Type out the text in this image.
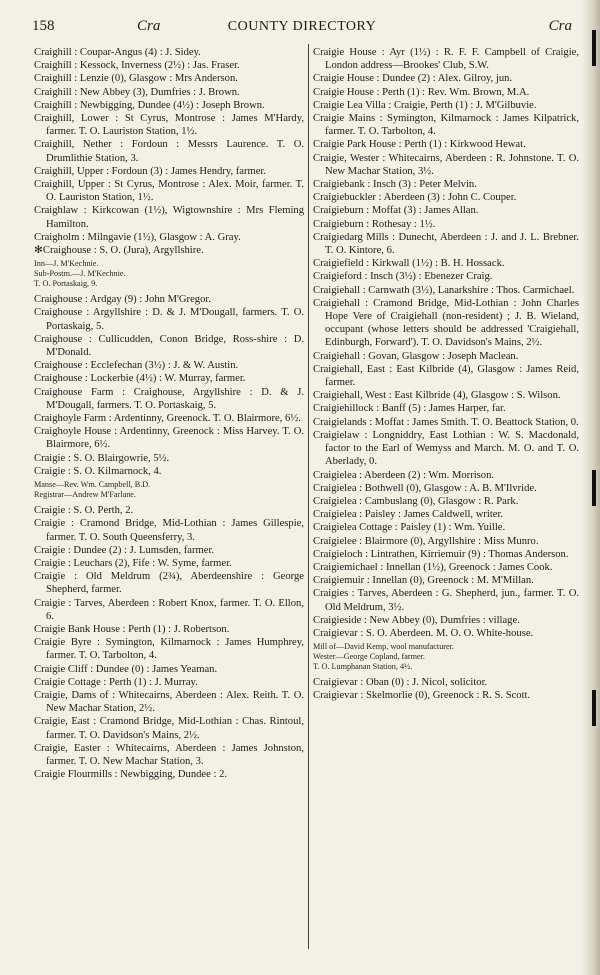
158	Cra	COUNTY DIRECTORY	Cra

Craighill : Coupar-Angus (4) : J. Sidey.

Craighill : Kessock, Inverness (2½) : Jas. Fraser.

Craighill : Lenzie (0), Glasgow : Mrs Anderson.

Craighill : New Abbey (3), Dumfries : J. Brown.

Craighill : Newbigging, Dundee (4½) : Joseph Brown.

Craighill, Lower : St Cyrus, Montrose : James M'Hardy, farmer. T. O. Lauriston Station, 1½.

Craighill, Nether : Fordoun : Messrs Laurence. T. O. Drumlithie Station, 3.

Craighill, Upper : Fordoun (3) : James Hendry, farmer.

Craighill, Upper : St Cyrus, Montrose : Alex. Moir, farmer. T. O. Lauriston Station, 1½.

Craighlaw : Kirkcowan (1½), Wigtownshire : Mrs Fleming Hamilton.

Craigholm : Milngavie (1½), Glasgow : A. Gray.

✻Craighouse : S. O. (Jura), Argyllshire.

Inn—J. M'Kechnie.
Sub-Postm.—J. M'Kechnie.
T. O. Portaskaig, 9.

Craighouse : Ardgay (9) : John M'Gregor.

Craighouse : Argyllshire : D. & J. M'Dougall, farmers. T. O. Portaskaig, 5.

Craighouse : Cullicudden, Conon Bridge, Ross-shire : D. M'Donald.

Craighouse : Ecclefechan (3½) : J. & W. Austin.

Craighouse : Lockerbie (4½) : W. Murray, farmer.

Craighouse Farm : Craighouse, Argyllshire : D. & J. M'Dougall, farmers. T. O. Portaskaig, 5.

Craighoyle Farm : Ardentinny, Greenock. T. O. Blairmore, 6½.

Craighoyle House : Ardentinny, Greenock : Miss Harvey. T. O. Blairmore, 6½.

Craigie : S. O. Blairgowrie, 5½.

Craigie : S. O. Kilmarnock, 4.

Manse—Rev. Wm. Campbell, B.D.
Registrar—Andrew M'Farlane.

Craigie : S. O. Perth, 2.

Craigie : Cramond Bridge, Mid-Lothian : James Gillespie, farmer. T. O. South Queensferry, 3.

Craigie : Dundee (2) : J. Lumsden, farmer.

Craigie : Leuchars (2), Fife : W. Syme, farmer.

Craigie : Old Meldrum (2¾), Aberdeenshire : George Shepherd, farmer.

Craigie : Tarves, Aberdeen : Robert Knox, farmer. T. O. Ellon, 6.

Craigie Bank House : Perth (1) : J. Robertson.

Craigie Byre : Symington, Kilmarnock : James Humphrey, farmer. T. O. Tarbolton, 4.

Craigie Cliff : Dundee (0) : James Yeaman.

Craigie Cottage : Perth (1) : J. Murray.

Craigie, Dams of : Whitecairns, Aberdeen : Alex. Reith. T. O. New Machar Station, 2½.

Craigie, East : Cramond Bridge, Mid-Lothian : Chas. Rintoul, farmer. T. O. Davidson's Mains, 2½.

Craigie, Easter : Whitecairns, Aberdeen : James Johnston, farmer. T. O. New Machar Station, 3.

Craigie Flourmills : Newbigging, Dundee : 2.

Craigie House : Ayr (1½) : R. F. F. Campbell of Craigie, London address—Brookes' Club, S.W.

Craigie House : Dundee (2) : Alex. Gilroy, jun.

Craigie House : Perth (1) : Rev. Wm. Brown, M.A.

Craigie Lea Villa : Craigie, Perth (1) : J. M'Gilbuvie.

Craigie Mains : Symington, Kilmarnock : James Kilpatrick, farmer. T. O. Tarbolton, 4.

Craigie Park House : Perth (1) : Kirkwood Hewat.

Craigie, Wester : Whitecairns, Aberdeen : R. Johnstone. T. O. New Machar Station, 3½.

Craigiebank : Insch (3) : Peter Melvin.

Craigiebuckler : Aberdeen (3) : John C. Couper.

Craigieburn : Moffat (3) : James Allan.

Craigieburn : Rothesay : 1½.

Craigiedarg Mills : Dunecht, Aberdeen : J. and J. L. Brebner. T. O. Kintore, 6.

Craigiefield : Kirkwall (1½) : B. H. Hossack.

Craigieford : Insch (3½) : Ebenezer Craig.

Craigiehall : Carnwath (3½), Lanarkshire : Thos. Carmichael.

Craigiehall : Cramond Bridge, Mid-Lothian : John Charles Hope Vere of Craigiehall (non-resident) ; J. B. Wieland, occupant (whose letters should be addressed 'Craigiehall, Edinburgh, Forward'). T. O. Davidson's Mains, 2½.

Craigiehall : Govan, Glasgow : Joseph Maclean.

Craigiehall, East : East Kilbride (4), Glasgow : James Reid, farmer.

Craigiehall, West : East Kilbride (4), Glasgow : S. Wilson.

Craigiehillock : Banff (5) : James Harper, far.

Craigielands : Moffat : James Smith. T. O. Beattock Station, 0.

Craigielaw : Longniddry, East Lothian : W. S. Macdonald, factor to the Earl of Wemyss and March. M. O. and T. O. Aberlady, 0.

Craigielea : Aberdeen (2) : Wm. Morrison.

Craigielea : Bothwell (0), Glasgow : A. B. M'Ilvride.

Craigielea : Cambuslang (0), Glasgow : R. Park.

Craigielea : Paisley : James Caldwell, writer.

Craigielea Cottage : Paisley (1) : Wm. Yuille.

Craigielee : Blairmore (0), Argyllshire : Miss Munro.

Craigieloch : Lintrathen, Kirriemuir (9) : Thomas Anderson.

Craigiemichael : Innellan (1½), Greenock : James Cook.

Craigiemuir : Innellan (0), Greenock : M. M'Millan.

Craigies : Tarves, Aberdeen : G. Shepherd, jun., farmer. T. O. Old Meldrum, 3½.

Craigieside : New Abbey (0), Dumfries : village.

Craigievar : S. O. Aberdeen. M. O. O. White-house.

Mill of—David Kemp, wool manufacturer.
Wester—George Copland, farmer.
T. O. Lumphanan Station, 4½.

Craigievar : Oban (0) : J. Nicol, solicitor.

Craigievar : Skelmorlie (0), Greenock : R. S. Scott.
